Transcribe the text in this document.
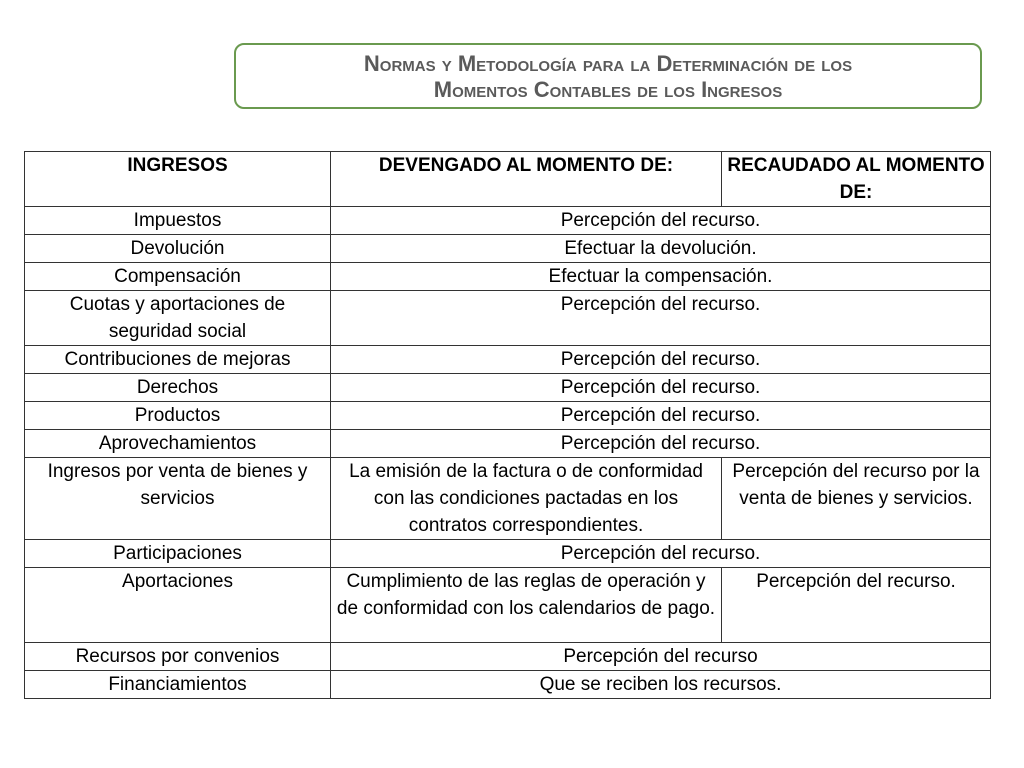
Normas y Metodología para la Determinación de los
Momentos Contables de los Ingresos
INGRESOS	DEVENGADO AL MOMENTO DE:	RECAUDADO AL MOMENTO DE:
Impuestos	Percepción del recurso.	
Devolución	Efectuar la devolución.	
Compensación	Efectuar la compensación.	
Cuotas y aportaciones de seguridad social	Percepción del recurso.	
Contribuciones de mejoras	Percepción del recurso.	
Derechos	Percepción del recurso.	
Productos	Percepción del recurso.	
Aprovechamientos	Percepción del recurso.	
Ingresos por venta de bienes y servicios	La emisión de la factura o de conformidad con las condiciones pactadas en los contratos correspondientes.	Percepción del recurso por la venta de bienes y servicios.
Participaciones	Percepción del recurso.	
Aportaciones	Cumplimiento de las reglas de operación y de conformidad con los calendarios de pago.	Percepción del recurso.
Recursos por convenios	Percepción del recurso	
Financiamientos	Que se reciben los recursos.	
